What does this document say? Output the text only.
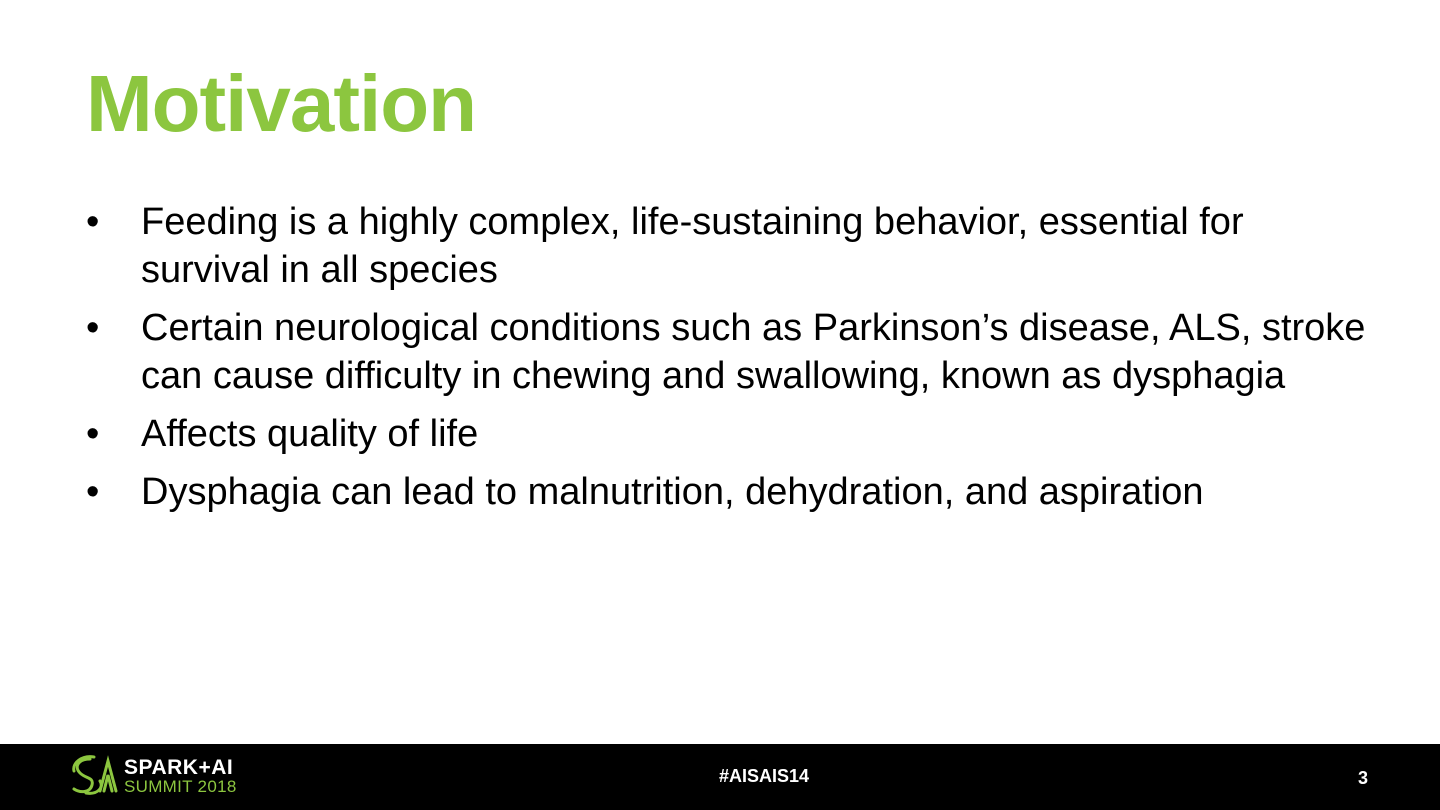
Motivation
• Feeding is a highly complex, life-sustaining behavior, essential for survival in all species
• Certain neurological conditions such as Parkinson’s disease, ALS, stroke can cause difficulty in chewing and swallowing, known as dysphagia
• Affects quality of life
• Dysphagia can lead to malnutrition, dehydration, and aspiration
SPARK+AI
SUMMIT 2018
#AISAIS14	3
